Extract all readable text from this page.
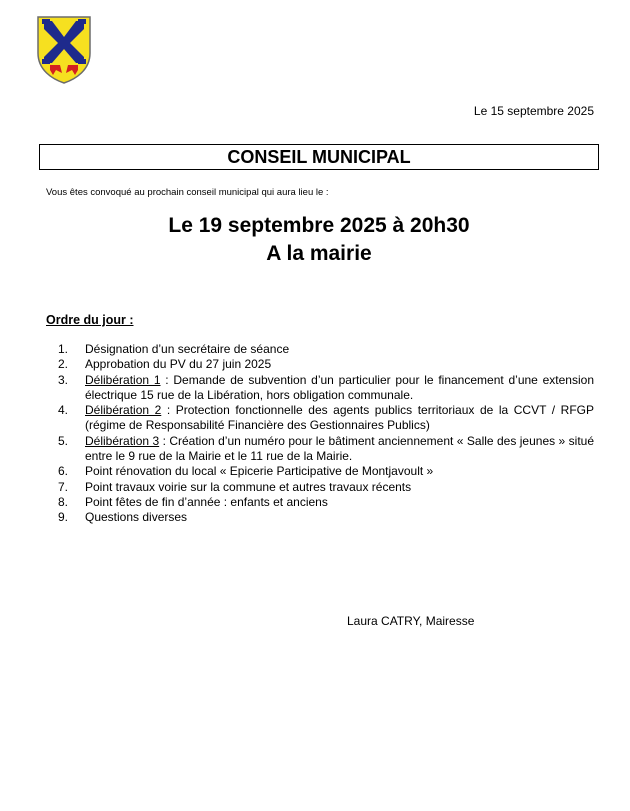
Le 15 septembre 2025
CONSEIL MUNICIPAL
Vous êtes convoqué au prochain conseil municipal qui aura lieu le :
Le 19 septembre 2025 à 20h30
A la mairie
Ordre du jour :
1.	Désignation d’un secrétaire de séance
2.	Approbation du PV du 27 juin 2025
3.	Délibération 1 : Demande de subvention d’un particulier pour le financement d’une extension électrique 15 rue de la Libération, hors obligation communale.
4.	Délibération 2 : Protection fonctionnelle des agents publics territoriaux de la CCVT / RFGP (régime de Responsabilité Financière des Gestionnaires Publics)
5.	Délibération 3 : Création d’un numéro pour le bâtiment anciennement « Salle des jeunes » situé entre le 9 rue de la Mairie et le 11 rue de la Mairie.
6.	Point rénovation du local « Epicerie Participative de Montjavoult »
7.	Point travaux voirie sur la commune et autres travaux récents
8.	Point fêtes de fin d’année : enfants et anciens
9.	Questions diverses
Laura CATRY, Mairesse
